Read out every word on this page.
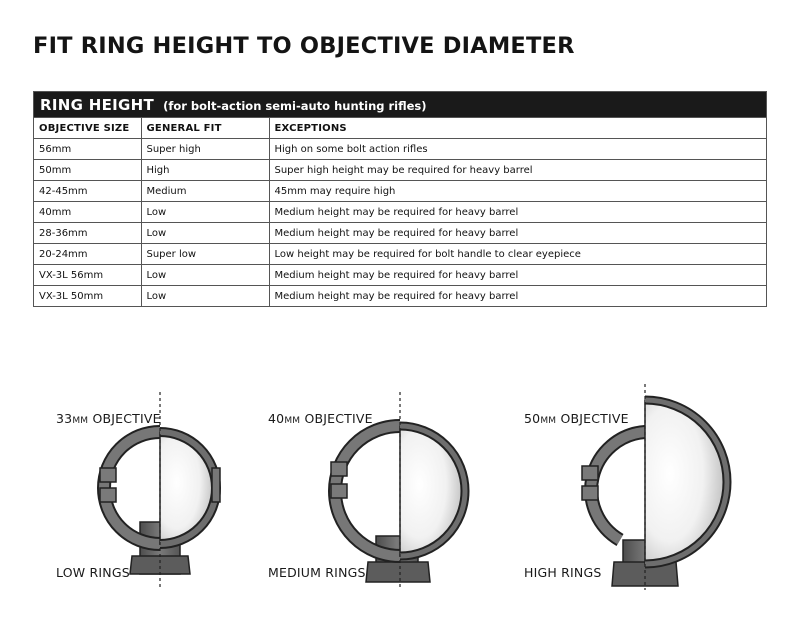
FIT RING HEIGHT TO OBJECTIVE DIAMETER
RING HEIGHT (for bolt-action semi-auto hunting rifles)
OBJECTIVE SIZE	GENERAL FIT	EXCEPTIONS
56mm	Super high	High on some bolt action rifles
50mm	High	Super high height may be required for heavy barrel
42-45mm	Medium	45mm may require high
40mm	Low	Medium height may be required for heavy barrel
28-36mm	Low	Medium height may be required for heavy barrel
20-24mm	Super low	Low height may be required for bolt handle to clear eyepiece
VX-3L 56mm	Low	Medium height may be required for heavy barrel
VX-3L 50mm	Low	Medium height may be required for heavy barrel
33MM OBJECTIVE
LOW RINGS
40MM OBJECTIVE
MEDIUM RINGS
50MM OBJECTIVE
HIGH RINGS
